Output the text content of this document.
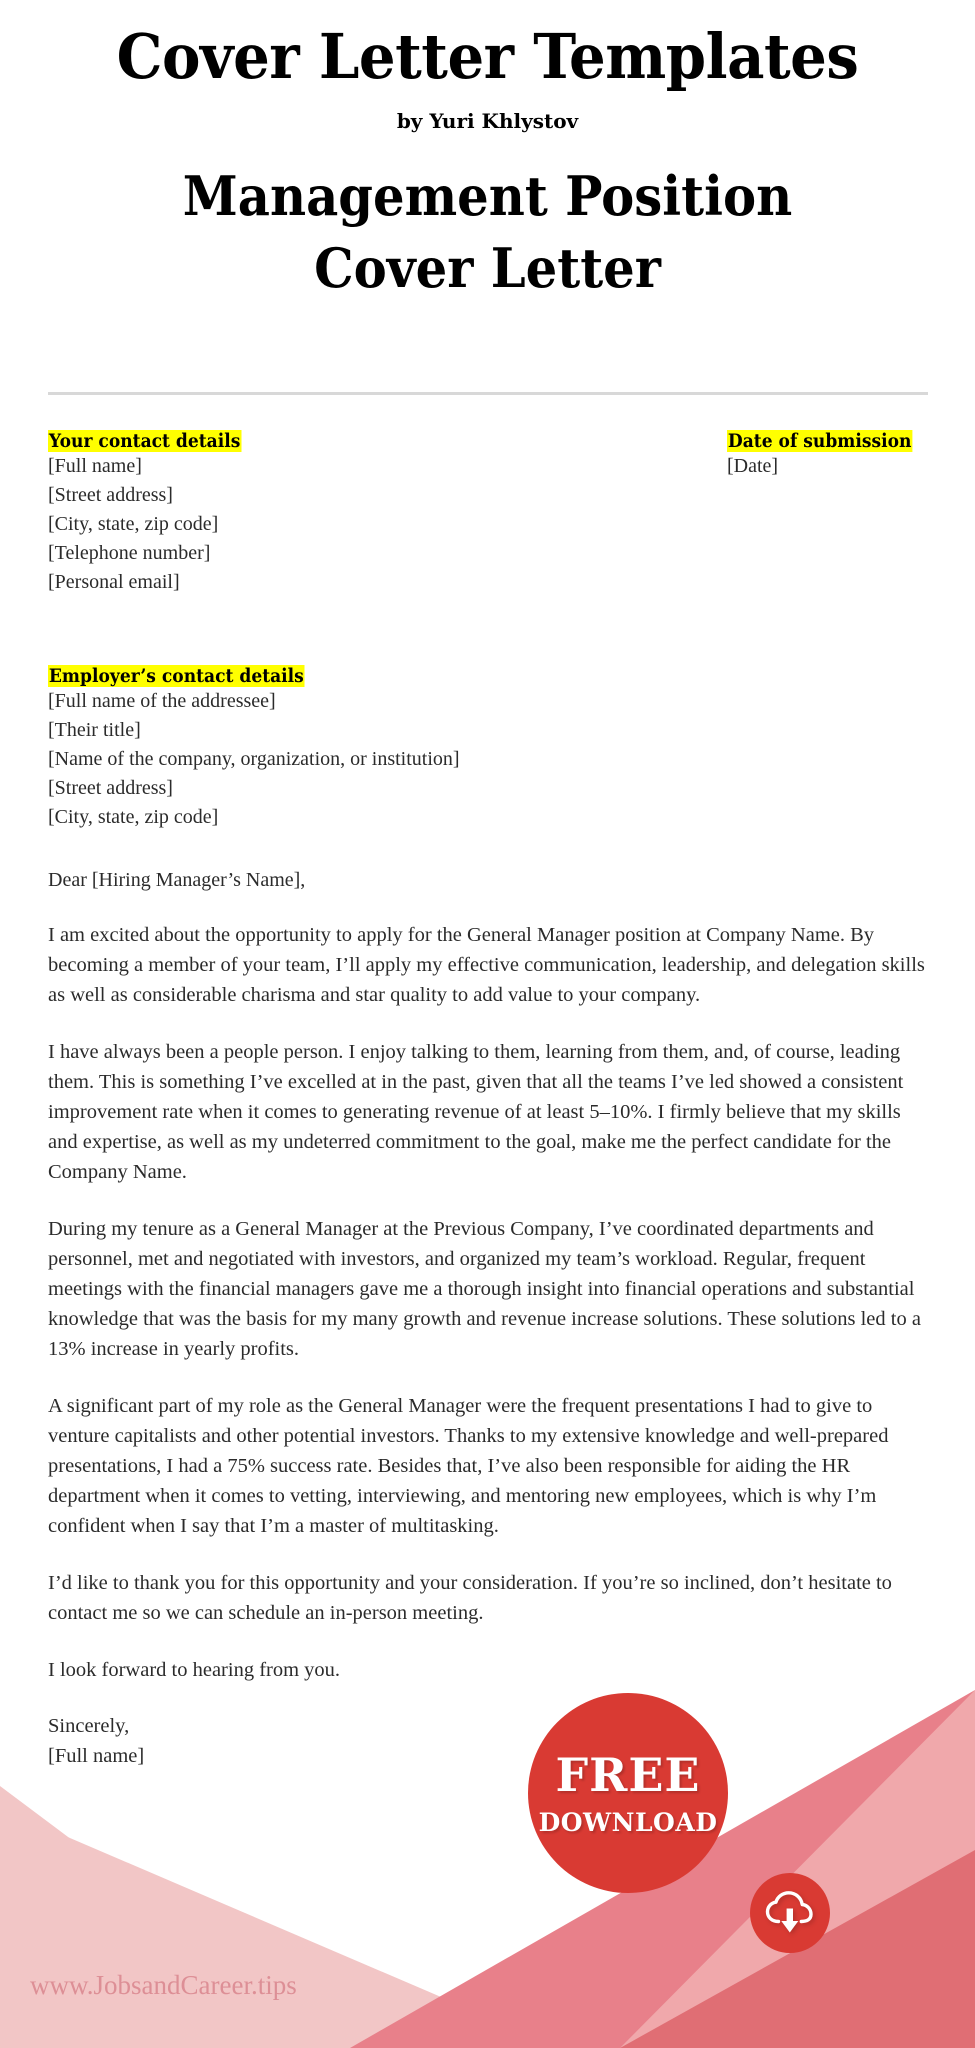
Cover Letter Templates

by Yuri Khlystov

Management Position
Cover Letter
Your contact details
[Full name]
[Street address]
[City, state, zip code]
[Telephone number]
[Personal email]
Date of submission
[Date]
Employer’s contact details
[Full name of the addressee]
[Their title]
[Name of the company, organization, or institution]
[Street address]
[City, state, zip code]
Dear [Hiring Manager’s Name],

I am excited about the opportunity to apply for the General Manager position at Company Name. By becoming a member of your team, I’ll apply my effective communication, leadership, and delegation skills as well as considerable charisma and star quality to add value to your company.

I have always been a people person. I enjoy talking to them, learning from them, and, of course, leading them. This is something I’ve excelled at in the past, given that all the teams I’ve led showed a consistent improvement rate when it comes to generating revenue of at least 5–10%. I firmly believe that my skills and expertise, as well as my undeterred commitment to the goal, make me the perfect candidate for the Company Name.

During my tenure as a General Manager at the Previous Company, I’ve coordinated departments and personnel, met and negotiated with investors, and organized my team’s workload. Regular, frequent meetings with the financial managers gave me a thorough insight into financial operations and substantial knowledge that was the basis for my many growth and revenue increase solutions. These solutions led to a 13% increase in yearly profits.

A significant part of my role as the General Manager were the frequent presentations I had to give to venture capitalists and other potential investors. Thanks to my extensive knowledge and well-prepared presentations, I had a 75% success rate. Besides that, I’ve also been responsible for aiding the HR department when it comes to vetting, interviewing, and mentoring new employees, which is why I’m confident when I say that I’m a master of multitasking.

I’d like to thank you for this opportunity and your consideration. If you’re so inclined, don’t hesitate to contact me so we can schedule an in-person meeting.

I look forward to hearing from you.

Sincerely,

[Full name]	FREE
DOWNLOAD
www.JobsandCareer.tips
